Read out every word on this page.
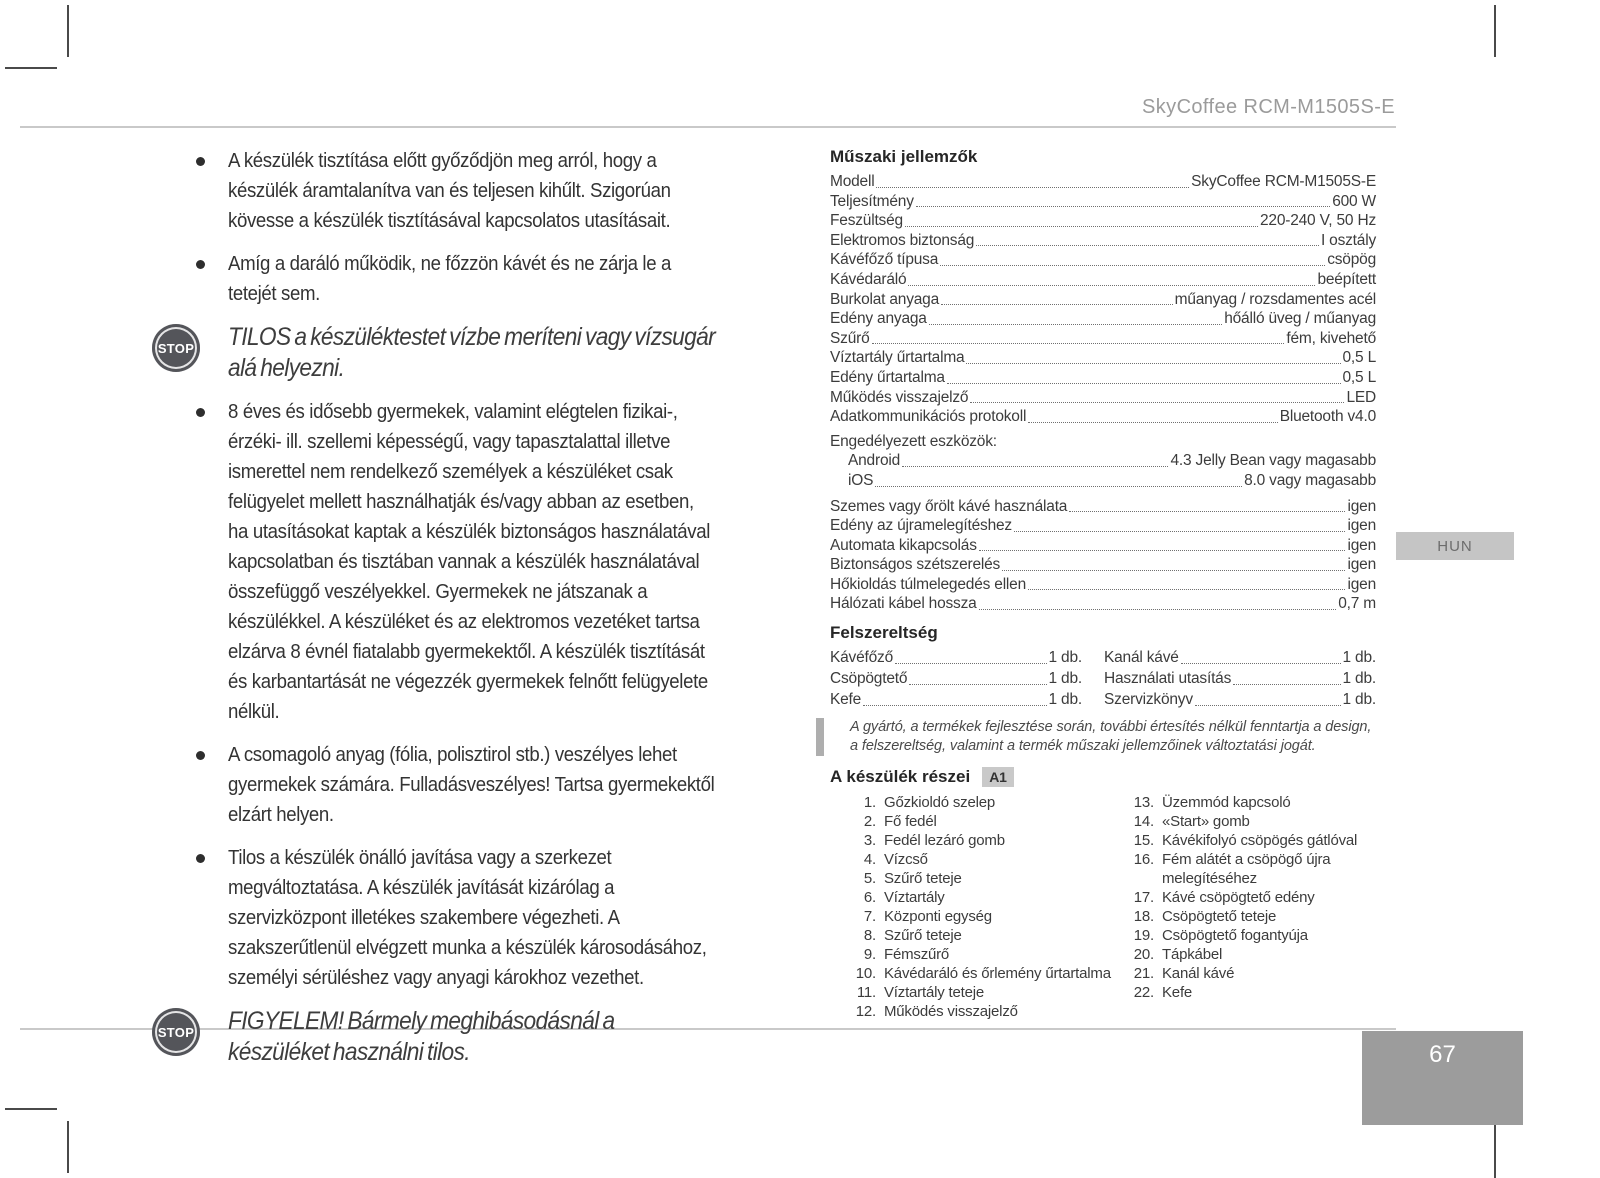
SkyCoffee RCM-M1505S-E
A készülék tisztítása előtt győződjön meg arról, hogy a készülék áramtalanítva van és teljesen kihűlt. Szigorúan kövesse a készülék tisztításával kapcsolatos utasításait.
Amíg a daráló működik, ne főzzön kávét és ne zárja le a tetejét sem.
STOP TILOS a készüléktestet vízbe meríteni vagy vízsugár alá helyezni.
8 éves és idősebb gyermekek, valamint elégtelen fizikai-, érzéki- ill. szellemi képességű, vagy tapasztalattal illetve ismerettel nem rendelkező személyek a készüléket csak felügyelet mellett használhatják és/vagy abban az esetben, ha utasításokat kaptak a készülék biztonságos használatával kapcsolatban és tisztában vannak a készülék használatával összefüggő veszélyekkel. Gyermekek ne játszanak a készülékkel. A készüléket és az elektromos vezetéket tartsa elzárva 8 évnél fiatalabb gyermekektől. A készülék tisztítását és karbantartását ne végezzék gyermekek felnőtt felügyelete nélkül.
A csomagoló anyag (fólia, polisztirol stb.) veszélyes lehet gyermekek számára. Fulladásveszélyes! Tartsa gyermekektől elzárt helyen.
Tilos a készülék önálló javítása vagy a szerkezet megváltoztatása. A készülék javítását kizárólag a szervizközpont illetékes szakembere végezheti. A szakszerűtlenül elvégzett munka a készülék károsodásához, személyi sérüléshez vagy anyagi károkhoz vezethet.
STOP FIGYELEM! Bármely meghibásodásnál a készüléket használni tilos.
Műszaki jellemzők
Modell	SkyCoffee RCM-M1505S-E
Teljesítmény	600 W
Feszültség	220-240 V, 50 Hz
Elektromos biztonság	I osztály
Kávéfőző típusa	csöpög
Kávédaráló	beépített
Burkolat anyaga	műanyag / rozsdamentes acél
Edény anyaga	hőálló üveg / műanyag
Szűrő	fém, kivehető
Víztartály űrtartalma	0,5 L
Edény űrtartalma	0,5 L
Működés visszajelző	LED
Adatkommunikációs protokoll	Bluetooth v4.0
Engedélyezett eszközök:
Android	4.3 Jelly Bean vagy magasabb
iOS	8.0 vagy magasabb
Szemes vagy őrölt kávé használata	igen
Edény az újramelegítéshez	igen
Automata kikapcsolás	igen
Biztonságos szétszerelés	igen
Hőkioldás túlmelegedés ellen	igen
Hálózati kábel hossza	0,7 m
Felszereltség
Kávéfőző	1 db.
Csöpögtető	1 db.
Kefe	1 db.
Kanál kávé	1 db.
Használati utasítás	1 db.
Szervizkönyv	1 db.
A gyártó, a termékek fejlesztése során, további értesítés nélkül fenntartja a design, a felszereltség, valamint a termék műszaki jellemzőinek változtatási jogát.
A készülék részei	A1
1. Gőzkioldó szelep
2. Fő fedél
3. Fedél lezáró gomb
4. Vízcső
5. Szűrő teteje
6. Víztartály
7. Központi egység
8. Szűrő teteje
9. Fémszűrő
10. Kávédaráló és őrlemény űrtartalma
11. Víztartály teteje
12. Működés visszajelző
13. Üzemmód kapcsoló
14. «Start» gomb
15. Kávékifolyó csöpögés gátlóval
16. Fém alátét a csöpögő újra melegítéséhez
17. Kávé csöpögtető edény
18. Csöpögtető teteje
19. Csöpögtető fogantyúja
20. Tápkábel
21. Kanál kávé
22. Kefe
HUN
67
